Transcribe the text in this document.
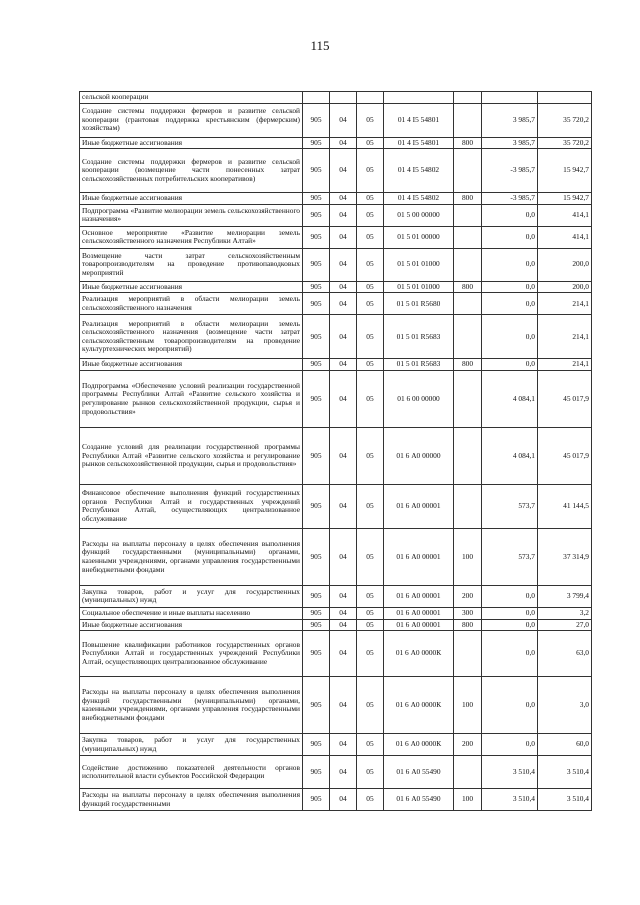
115
сельской кооперации							
Создание системы поддержки фермеров и развитие сельской кооперации (грантовая поддержка крестьянским (фермерским) хозяйствам)	905	04	05	01 4 I5 54801		3 985,7	35 720,2
Иные бюджетные ассигнования	905	04	05	01 4 I5 54801	800	3 985,7	35 720,2
Создание системы поддержки фермеров и развитие сельской кооперации (возмещение части понесенных затрат сельскохозяйственных потребительских кооперативов)	905	04	05	01 4 I5 54802		-3 985,7	15 942,7
Иные бюджетные ассигнования	905	04	05	01 4 I5 54802	800	-3 985,7	15 942,7
Подпрограмма «Развитие мелиорации земель сельскохозяйственного назначения»	905	04	05	01 5 00 00000		0,0	414,1
Основное мероприятие «Развитие мелиорации земель сельскохозяйственного назначения Республики Алтай»	905	04	05	01 5 01 00000		0,0	414,1
Возмещение части затрат сельскохозяйственным товаропроизводителям на проведение противопаводковых мероприятий	905	04	05	01 5 01 01000		0,0	200,0
Иные бюджетные ассигнования	905	04	05	01 5 01 01000	800	0,0	200,0
Реализация мероприятий в области мелиорации земель сельскохозяйственного назначения	905	04	05	01 5 01 R5680		0,0	214,1
Реализация мероприятий в области мелиорации земель сельскохозяйственного назначения (возмещение части затрат сельскохозяйственным товаропроизводителям на проведение культуртехнических мероприятий)	905	04	05	01 5 01 R5683		0,0	214,1
Иные бюджетные ассигнования	905	04	05	01 5 01 R5683	800	0,0	214,1
Подпрограмма «Обеспечение условий реализации государственной программы Республики Алтай «Развитие сельского хозяйства и регулирование рынков сельскохозяйственной продукции, сырья и продовольствия»	905	04	05	01 6 00 00000		4 084,1	45 017,9
Создание условий для реализации государственной программы Республики Алтай «Развитие сельского хозяйства и регулирование рынков сельскохозяйственной продукции, сырья и продовольствия»	905	04	05	01 6 А0 00000		4 084,1	45 017,9
Финансовое обеспечение выполнения функций государственных органов Республики Алтай и государственных учреждений Республики Алтай, осуществляющих централизованное обслуживание	905	04	05	01 6 А0 00001		573,7	41 144,5
Расходы на выплаты персоналу в целях обеспечения выполнения функций государственными (муниципальными) органами, казенными учреждениями, органами управления государственными внебюджетными фондами	905	04	05	01 6 А0 00001	100	573,7	37 314,9
Закупка товаров, работ и услуг для государственных (муниципальных) нужд	905	04	05	01 6 А0 00001	200	0,0	3 799,4
Социальное обеспечение и иные выплаты населению	905	04	05	01 6 А0 00001	300	0,0	3,2
Иные бюджетные ассигнования	905	04	05	01 6 А0 00001	800	0,0	27,0
Повышение квалификации работников государственных органов Республики Алтай и государственных учреждений Республики Алтай, осуществляющих централизованное обслуживание	905	04	05	01 6 А0 0000К		0,0	63,0
Расходы на выплаты персоналу в целях обеспечения выполнения функций государственными (муниципальными) органами, казенными учреждениями, органами управления государственными внебюджетными фондами	905	04	05	01 6 А0 0000К	100	0,0	3,0
Закупка товаров, работ и услуг для государственных (муниципальных) нужд	905	04	05	01 6 А0 0000К	200	0,0	60,0
Содействие достижению показателей деятельности органов исполнительной власти субъектов Российской Федерации	905	04	05	01 6 А0 55490		3 510,4	3 510,4
Расходы на выплаты персоналу в целях обеспечения выполнения функций государственными	905	04	05	01 6 А0 55490	100	3 510,4	3 510,4
